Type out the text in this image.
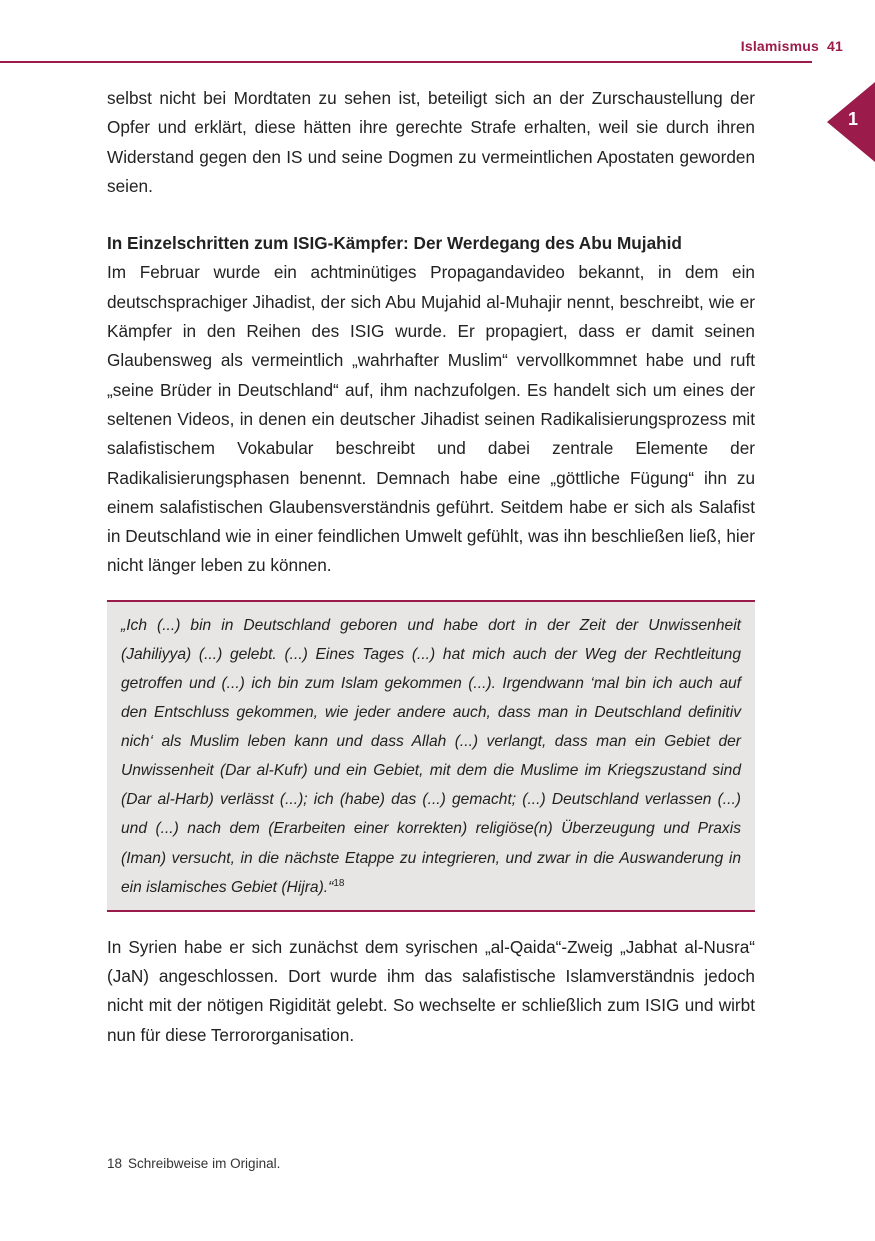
Islamismus 41
1

selbst nicht bei Mordtaten zu sehen ist, beteiligt sich an der Zurschaustellung der Opfer und erklärt, diese hätten ihre gerechte Strafe erhalten, weil sie durch ihren Widerstand gegen den IS und seine Dogmen zu vermeintlichen Apostaten geworden seien.

In Einzelschritten zum ISIG-Kämpfer: Der Werdegang des Abu Mujahid

Im Februar wurde ein achtminütiges Propagandavideo bekannt, in dem ein deutschsprachiger Jihadist, der sich Abu Mujahid al-Muhajir nennt, beschreibt, wie er Kämpfer in den Reihen des ISIG wurde. Er propagiert, dass er damit seinen Glaubensweg als vermeintlich „wahrhafter Muslim“ vervollkommnet habe und ruft „seine Brüder in Deutschland“ auf, ihm nachzufolgen. Es handelt sich um eines der seltenen Videos, in denen ein deutscher Jihadist seinen Radikalisierungsprozess mit salafistischem Vokabular beschreibt und dabei zentrale Elemente der Radikalisierungsphasen benennt. Demnach habe eine „göttliche Fügung“ ihn zu einem salafistischen Glaubensverständnis geführt. Seitdem habe er sich als Salafist in Deutschland wie in einer feindlichen Umwelt gefühlt, was ihn beschließen ließ, hier nicht länger leben zu können.

„Ich (...) bin in Deutschland geboren und habe dort in der Zeit der Unwissenheit (Jahiliyya) (...) gelebt. (...) Eines Tages (...) hat mich auch der Weg der Rechtleitung getroffen und (...) ich bin zum Islam gekommen (...). Irgendwann ‘mal bin ich auch auf den Entschluss gekommen, wie jeder andere auch, dass man in Deutschland definitiv nich‘ als Muslim leben kann und dass Allah (...) verlangt, dass man ein Gebiet der Unwissenheit (Dar al-Kufr) und ein Gebiet, mit dem die Muslime im Kriegszustand sind (Dar al-Harb) verlässt (...); ich (habe) das (...) gemacht; (...) Deutschland verlassen (...) und (...) nach dem (Erarbeiten einer korrekten) religiöse(n) Überzeugung und Praxis (Iman) versucht, in die nächste Etappe zu integrieren, und zwar in die Auswanderung in ein islamisches Gebiet (Hijra).“$^{18}$

In Syrien habe er sich zunächst dem syrischen „al-Qaida“-Zweig „Jabhat al-Nusra“ (JaN) angeschlossen. Dort wurde ihm das salafistische Islamverständnis jedoch nicht mit der nötigen Rigidität gelebt. So wechselte er schließlich zum ISIG und wirbt nun für diese Terrororganisation.

18 Schreibweise im Original.
